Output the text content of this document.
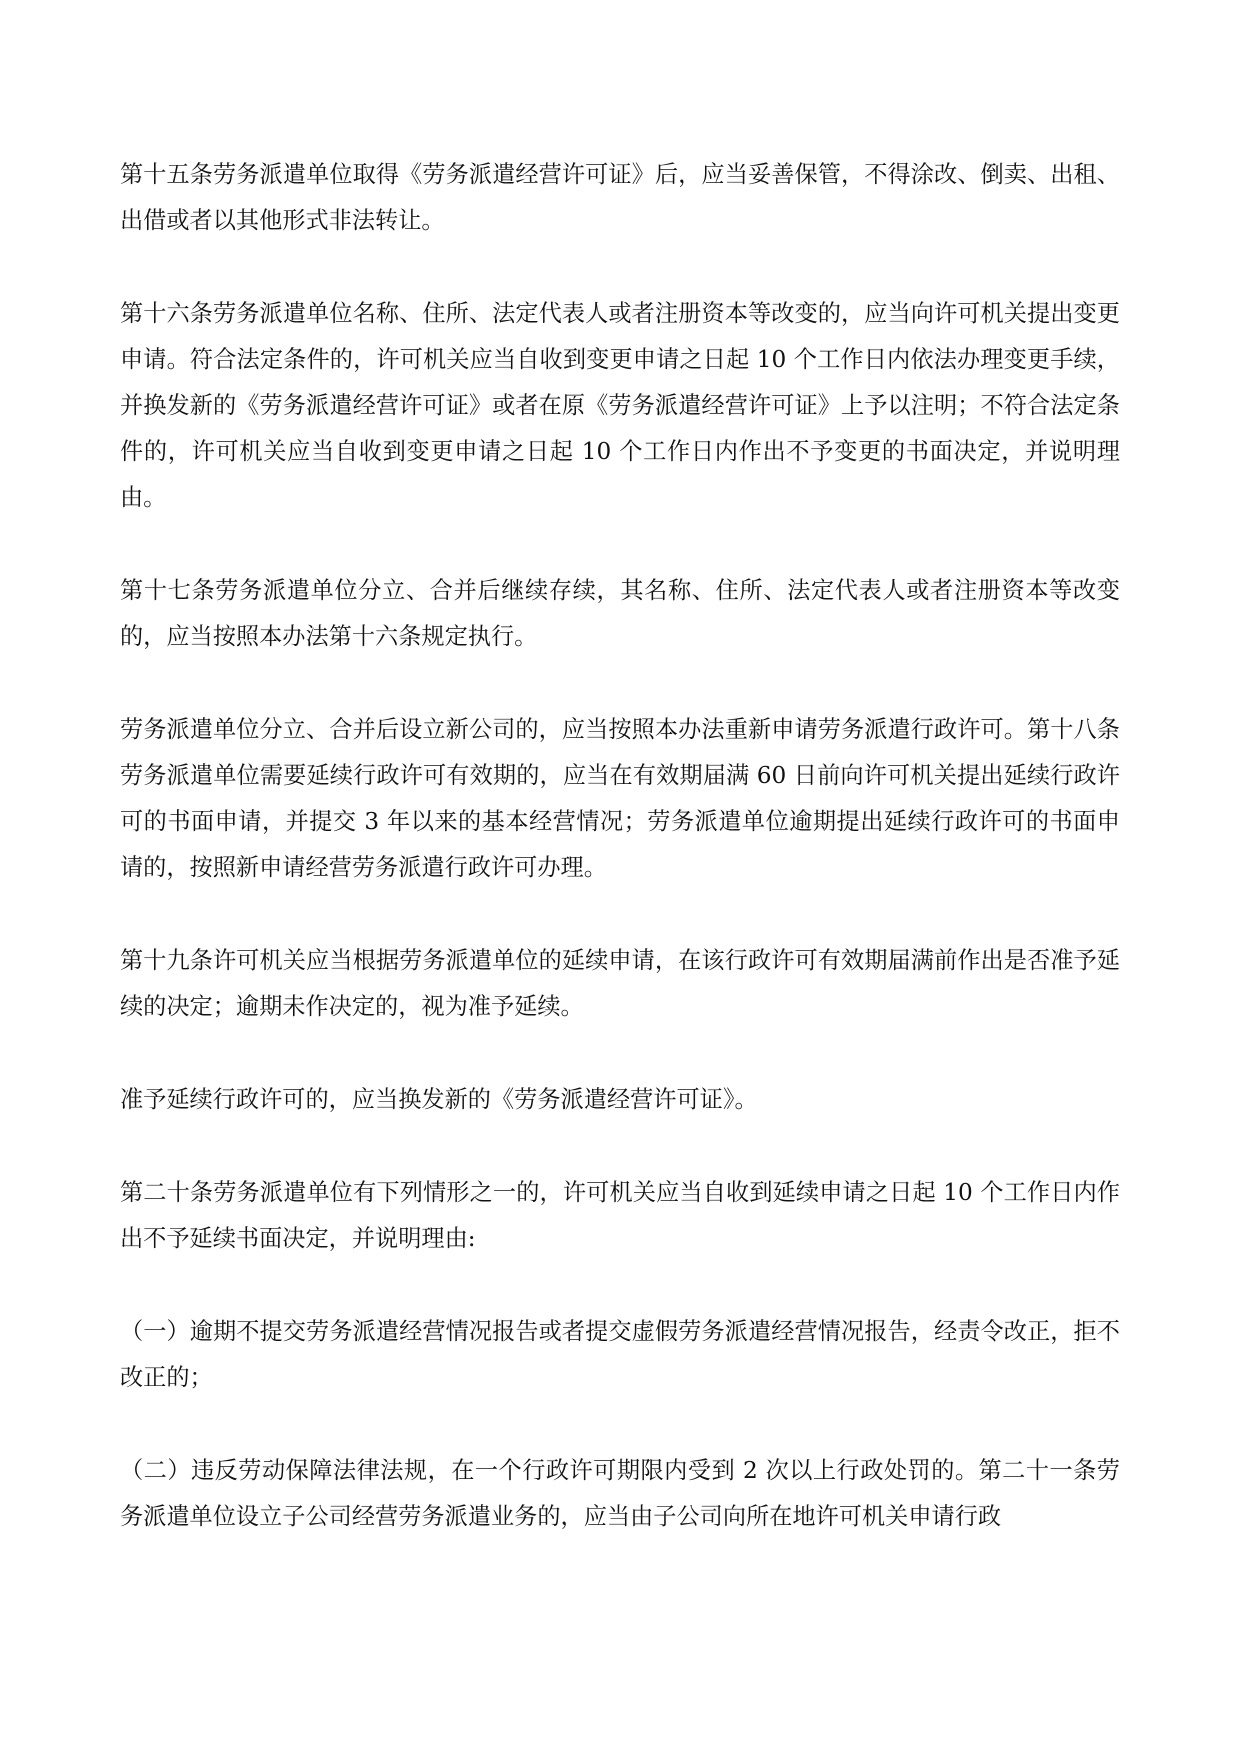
第十五条劳务派遣单位取得《劳务派遣经营许可证》后，应当妥善保管，不得涂改、倒卖、出租、出借或者以其他形式非法转让。

第十六条劳务派遣单位名称、住所、法定代表人或者注册资本等改变的，应当向许可机关提出变更申请。符合法定条件的，许可机关应当自收到变更申请之日起 10 个工作日内依法办理变更手续，并换发新的《劳务派遣经营许可证》或者在原《劳务派遣经营许可证》上予以注明；不符合法定条件的，许可机关应当自收到变更申请之日起 10 个工作日内作出不予变更的书面决定，并说明理由。

第十七条劳务派遣单位分立、合并后继续存续，其名称、住所、法定代表人或者注册资本等改变的，应当按照本办法第十六条规定执行。

劳务派遣单位分立、合并后设立新公司的，应当按照本办法重新申请劳务派遣行政许可。第十八条劳务派遣单位需要延续行政许可有效期的，应当在有效期届满 60 日前向许可机关提出延续行政许可的书面申请，并提交 3 年以来的基本经营情况；劳务派遣单位逾期提出延续行政许可的书面申请的，按照新申请经营劳务派遣行政许可办理。

第十九条许可机关应当根据劳务派遣单位的延续申请，在该行政许可有效期届满前作出是否准予延续的决定；逾期未作决定的，视为准予延续。

准予延续行政许可的，应当换发新的《劳务派遣经营许可证》。

第二十条劳务派遣单位有下列情形之一的，许可机关应当自收到延续申请之日起 10 个工作日内作出不予延续书面决定，并说明理由:

（一）逾期不提交劳务派遣经营情况报告或者提交虚假劳务派遣经营情况报告，经责令改正，拒不改正的；

（二）违反劳动保障法律法规，在一个行政许可期限内受到 2 次以上行政处罚的。第二十一条劳务派遣单位设立子公司经营劳务派遣业务的，应当由子公司向所在地许可机关申请行政
